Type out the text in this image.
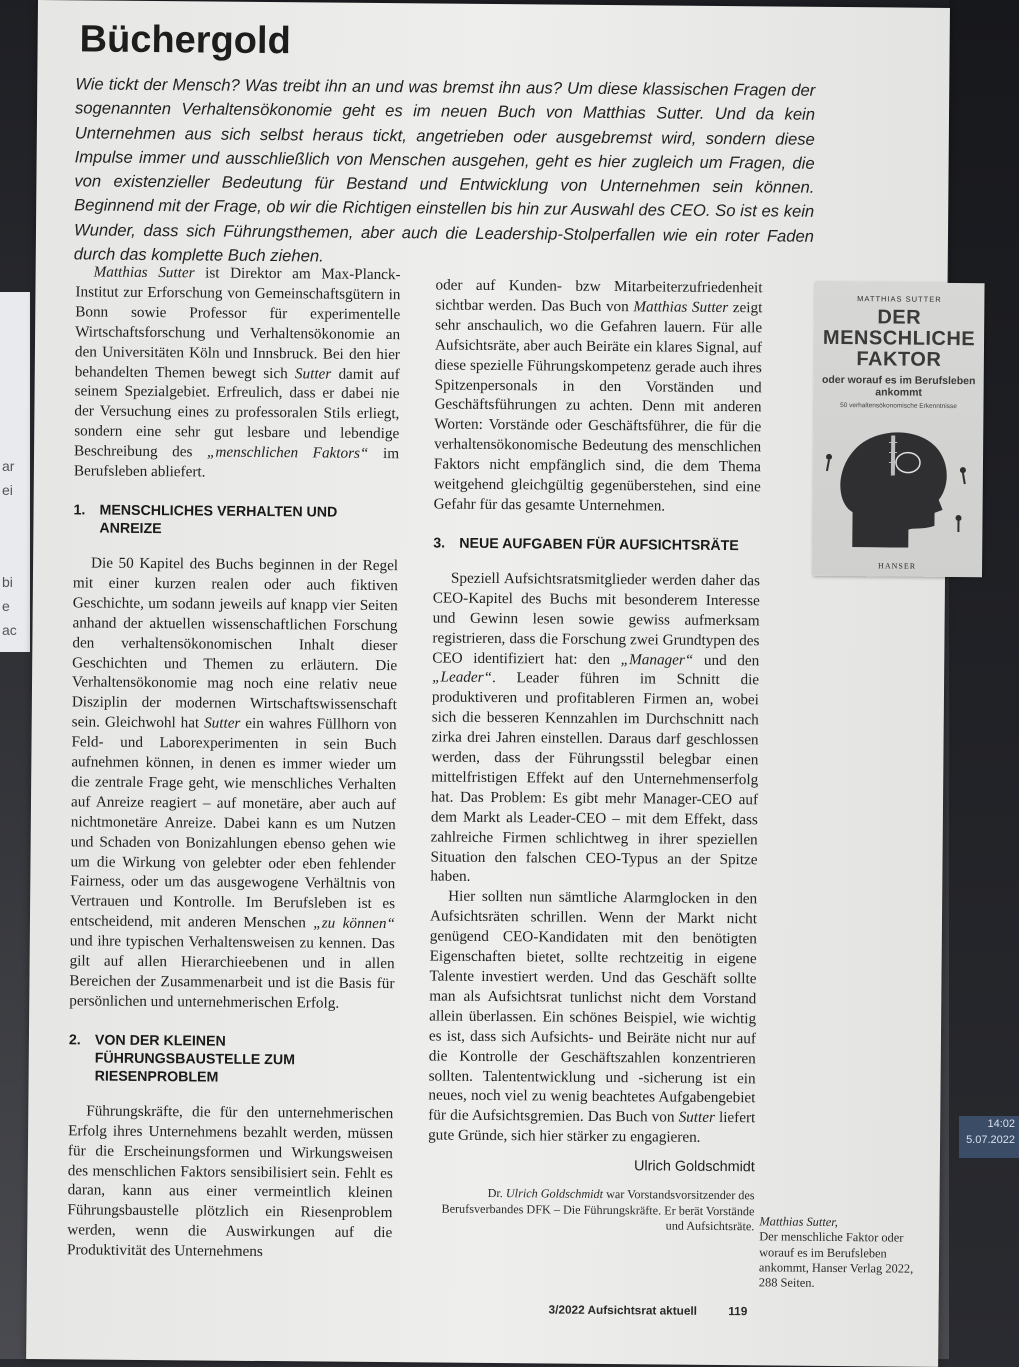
ar
ei
bi
e
ac
14:02
5.07.2022
Büchergold

Wie tickt der Mensch? Was treibt ihn an und was bremst ihn aus? Um diese klassischen Fragen der sogenannten Verhaltensökonomie geht es im neuen Buch von Matthias Sutter. Und da kein Unternehmen aus sich selbst heraus tickt, angetrieben oder ausgebremst wird, sondern diese Impulse immer und ausschließlich von Menschen ausgehen, geht es hier zugleich um Fragen, die von existenzieller Bedeutung für Bestand und Entwicklung von Unternehmen sein können. Beginnend mit der Frage, ob wir die Richtigen einstellen bis hin zur Auswahl des CEO. So ist es kein Wunder, dass sich Führungsthemen, aber auch die Leadership-Stolperfallen wie ein roter Faden durch das komplette Buch ziehen.

Matthias Sutter ist Direktor am Max-Planck-Institut zur Erforschung von Gemeinschaftsgütern in Bonn sowie Professor für experimentelle Wirtschaftsforschung und Verhaltensökonomie an den Universitäten Köln und Innsbruck. Bei den hier behandelten Themen bewegt sich Sutter damit auf seinem Spezialgebiet. Erfreulich, dass er dabei nie der Versuchung eines zu professoralen Stils erliegt, sondern eine sehr gut lesbare und lebendige Beschreibung des „menschlichen Faktors“ im Berufsleben abliefert.

1. MENSCHLICHES VERHALTEN UND ANREIZE

Die 50 Kapitel des Buchs beginnen in der Regel mit einer kurzen realen oder auch fiktiven Geschichte, um sodann jeweils auf knapp vier Seiten anhand der aktuellen wissenschaftlichen Forschung den verhaltensökonomischen Inhalt dieser Geschichten und Themen zu erläutern. Die Verhaltensökonomie mag noch eine relativ neue Disziplin der modernen Wirtschaftswissenschaft sein. Gleichwohl hat Sutter ein wahres Füllhorn von Feld- und Laborexperimenten in sein Buch aufnehmen können, in denen es immer wieder um die zentrale Frage geht, wie menschliches Verhalten auf Anreize reagiert – auf monetäre, aber auch auf nichtmonetäre Anreize. Dabei kann es um Nutzen und Schaden von Bonizahlungen ebenso gehen wie um die Wirkung von gelebter oder eben fehlender Fairness, oder um das ausgewogene Verhältnis von Vertrauen und Kontrolle. Im Berufsleben ist es entscheidend, mit anderen Menschen „zu können“ und ihre typischen Verhaltensweisen zu kennen. Das gilt auf allen Hierarchieebenen und in allen Bereichen der Zusammenarbeit und ist die Basis für persönlichen und unternehmerischen Erfolg.

2. VON DER KLEINEN FÜHRUNGSBAUSTELLE ZUM RIESENPROBLEM

Führungskräfte, die für den unternehmerischen Erfolg ihres Unternehmens bezahlt werden, müssen für die Erscheinungsformen und Wirkungsweisen des menschlichen Faktors sensibilisiert sein. Fehlt es daran, kann aus einer vermeintlich kleinen Führungsbaustelle plötzlich ein Riesenproblem werden, wenn die Auswirkungen auf die Produktivität des Unternehmens

oder auf Kunden- bzw Mitarbeiterzufriedenheit sichtbar werden. Das Buch von Matthias Sutter zeigt sehr anschaulich, wo die Gefahren lauern. Für alle Aufsichtsräte, aber auch Beiräte ein klares Signal, auf diese spezielle Führungskompetenz gerade auch ihres Spitzenpersonals in den Vorständen und Geschäftsführungen zu achten. Denn mit anderen Worten: Vorstände oder Geschäftsführer, die für die verhaltensökonomische Bedeutung des menschlichen Faktors nicht empfänglich sind, die dem Thema weitgehend gleichgültig gegenüberstehen, sind eine Gefahr für das gesamte Unternehmen.

3. NEUE AUFGABEN FÜR AUFSICHTSRÄTE

Speziell Aufsichtsratsmitglieder werden daher das CEO-Kapitel des Buchs mit besonderem Interesse und Gewinn lesen sowie gewiss aufmerksam registrieren, dass die Forschung zwei Grundtypen des CEO identifiziert hat: den „Manager“ und den „Leader“. Leader führen im Schnitt die produktiveren und profitableren Firmen an, wobei sich die besseren Kennzahlen im Durchschnitt nach zirka drei Jahren einstellen. Daraus darf geschlossen werden, dass der Führungsstil belegbar einen mittelfristigen Effekt auf den Unternehmenserfolg hat. Das Problem: Es gibt mehr Manager-CEO auf dem Markt als Leader-CEO – mit dem Effekt, dass zahlreiche Firmen schlichtweg in ihrer speziellen Situation den falschen CEO-Typus an der Spitze haben.

Hier sollten nun sämtliche Alarmglocken in den Aufsichtsräten schrillen. Wenn der Markt nicht genügend CEO-Kandidaten mit den benötigten Eigenschaften bietet, sollte rechtzeitig in eigene Talente investiert werden. Und das Geschäft sollte man als Aufsichtsrat tunlichst nicht dem Vorstand allein überlassen. Ein schönes Beispiel, wie wichtig es ist, dass sich Aufsichts- und Beiräte nicht nur auf die Kontrolle der Geschäftszahlen konzentrieren sollten. Talententwicklung und -sicherung ist ein neues, noch viel zu wenig beachtetes Aufgabengebiet für die Aufsichtsgremien. Das Buch von Sutter liefert gute Gründe, sich hier stärker zu engagieren.

Ulrich Goldschmidt
Dr. Ulrich Goldschmidt war Vorstandsvorsitzender des Berufsverbandes DFK – Die Führungskräfte. Er berät Vorstände und Aufsichtsräte.
MATTHIAS SUTTER
DER
MENSCHLICHE
FAKTOR
oder worauf es im Berufsleben ankommt
50 verhaltensökonomische Erkenntnisse
HANSER
Matthias Sutter,
Der menschliche Faktor oder worauf es im Berufsleben ankommt, Hanser Verlag 2022, 288 Seiten.
3/2022 Aufsichtsrat aktuell	119
